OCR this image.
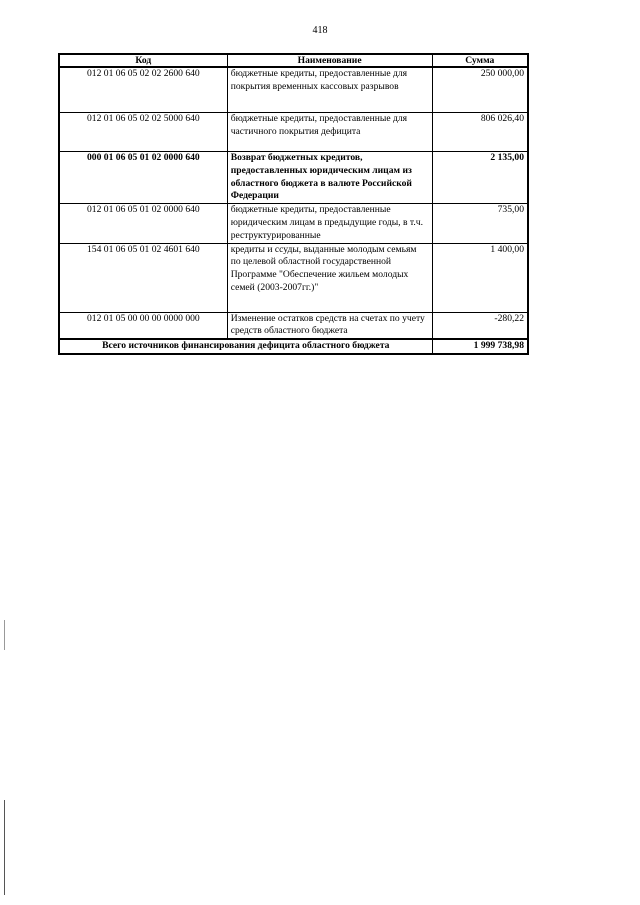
418
Код	Наименование	Сумма
012 01 06 05 02 02 2600 640	бюджетные кредиты, предоставленные для покрытия временных кассовых разрывов	250 000,00
012 01 06 05 02 02 5000 640	бюджетные кредиты, предоставленные для частичного покрытия дефицита	806 026,40
000 01 06 05 01 02 0000 640	Возврат бюджетных кредитов, предоставленных юридическим лицам из областного бюджета в валюте Российской Федерации	2 135,00
012 01 06 05 01 02 0000 640	бюджетные кредиты, предоставленные юридическим лицам в предыдущие годы, в т.ч. реструктурированные	735,00
154 01 06 05 01 02 4601 640	кредиты и ссуды, выданные молодым семьям по целевой областной государственной Программе "Обеспечение жильем молодых семей (2003-2007гг.)"	1 400,00
012 01 05 00 00 00 0000 000	Изменение остатков средств на счетах по учету средств областного бюджета	-280,22
Всего источников финансирования дефицита областного бюджета		1 999 738,98
